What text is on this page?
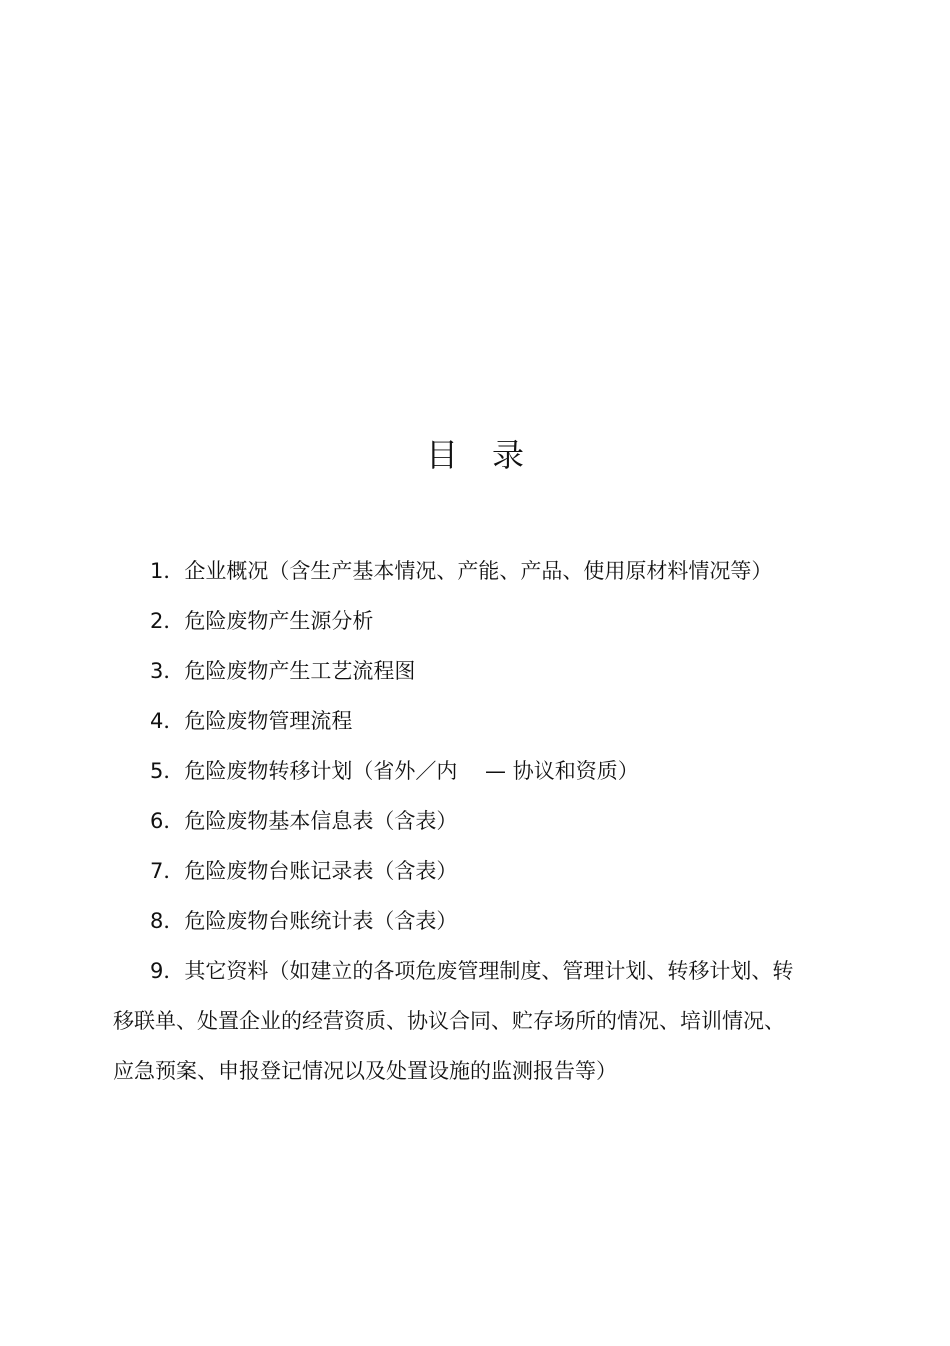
目录

1．企业概况（含生产基本情况、产能、产品、使用原材料情况等）

2．危险废物产生源分析

3．危险废物产生工艺流程图

4．危险废物管理流程

5．危险废物转移计划（省外／内　 — 协议和资质）

6．危险废物基本信息表（含表）

7．危险废物台账记录表（含表）

8．危险废物台账统计表（含表）

9．其它资料（如建立的各项危废管理制度、管理计划、转移计划、转移联单、处置企业的经营资质、协议合同、贮存场所的情况、培训情况、应急预案、申报登记情况以及处置设施的监测报告等）
